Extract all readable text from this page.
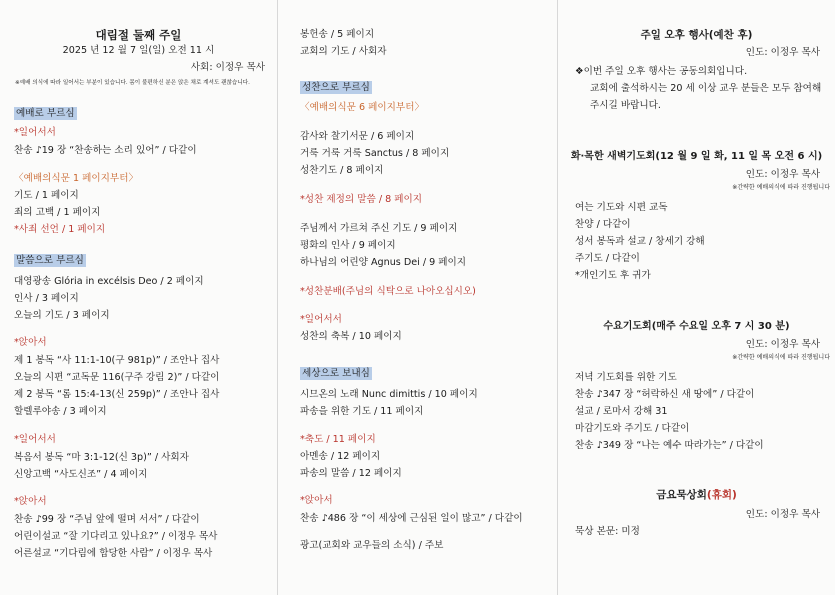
대림절 둘째 주일
2025 년 12 월 7 일(일) 오전 11 시
사회: 이정우 목사
※예배 의식에 따라 일어서는 부분이 있습니다. 몸이 불편하신 분은 앉은 채로 계셔도 괜찮습니다.
예배로 부르심
*일어서서
찬송 ♪19 장 “찬송하는 소리 있어” / 다같이
〈예배의식문 1 페이지부터〉
기도 / 1 페이지
죄의 고백 / 1 페이지
*사죄 선언 / 1 페이지
말씀으로 부르심
대영광송 Glória in excélsis Deo / 2 페이지
인사 / 3 페이지
오늘의 기도 / 3 페이지
*앉아서
제 1 봉독 “사 11:1-10(구 981p)” / 조안나 집사
오늘의 시편 “교독문 116(구주 강림 2)” / 다같이
제 2 봉독 “롬 15:4-13(신 259p)” / 조안나 집사
할렐루야송 / 3 페이지
*일어서서
복음서 봉독 “마 3:1-12(신 3p)” / 사회자
신앙고백 “사도신조” / 4 페이지
*앉아서
찬송 ♪99 장 “주님 앞에 떨며 서서” / 다같이
어린이설교 “잘 기다리고 있나요?” / 이정우 목사
어른설교 “기다림에 합당한 사람” / 이정우 목사
봉헌송 / 5 페이지
교회의 기도 / 사회자
성찬으로 부르심
〈예배의식문 6 페이지부터〉
감사와 찰기서문 / 6 페이지
거룩 거룩 거룩 Sanctus / 8 페이지
성찬기도 / 8 페이지
*성찬 제정의 말씀 / 8 페이지
주님께서 가르쳐 주신 기도 / 9 페이지
평화의 인사 / 9 페이지
하나님의 어린양 Agnus Dei / 9 페이지
*성찬분배(주님의 식탁으로 나아오십시오)
*일어서서
성찬의 축복 / 10 페이지
세상으로 보내심
시므온의 노래 Nunc dimittis / 10 페이지
파송을 위한 기도 / 11 페이지
*축도 / 11 페이지
아멘송 / 12 페이지
파송의 말씀 / 12 페이지
*앉아서
찬송 ♪486 장 “이 세상에 근심된 일이 많고” / 다같이
광고(교회와 교우들의 소식) / 주보
주일 오후 행사(예찬 후)
인도: 이정우 목사
❖이번 주일 오후 행사는 공동의회입니다.
교회에 출석하시는 20 세 이상 교우 분들은 모두 참여해
주시길 바랍니다.
화·목한 새벽기도회(12 월 9 일 화, 11 일 목 오전 6 시)
인도: 이정우 목사
※간략한 예배의식에 따라 진행됩니다
여는 기도와 시편 교독
찬양 / 다같이
성서 봉독과 설교 / 창세기 강해
주기도 / 다같이
*개인기도 후 귀가
수요기도회(매주 수요일 오후 7 시 30 분)
인도: 이정우 목사
※간략한 예배의식에 따라 진행됩니다
저녁 기도회를 위한 기도
찬송 ♪347 장 “허락하신 새 땅에” / 다같이
설교 / 로마서 강해 31
마감기도와 주기도 / 다같이
찬송 ♪349 장 “나는 예수 따라가는” / 다같이
금요묵상회(휴회)
인도: 이정우 목사
묵상 본문: 미정
